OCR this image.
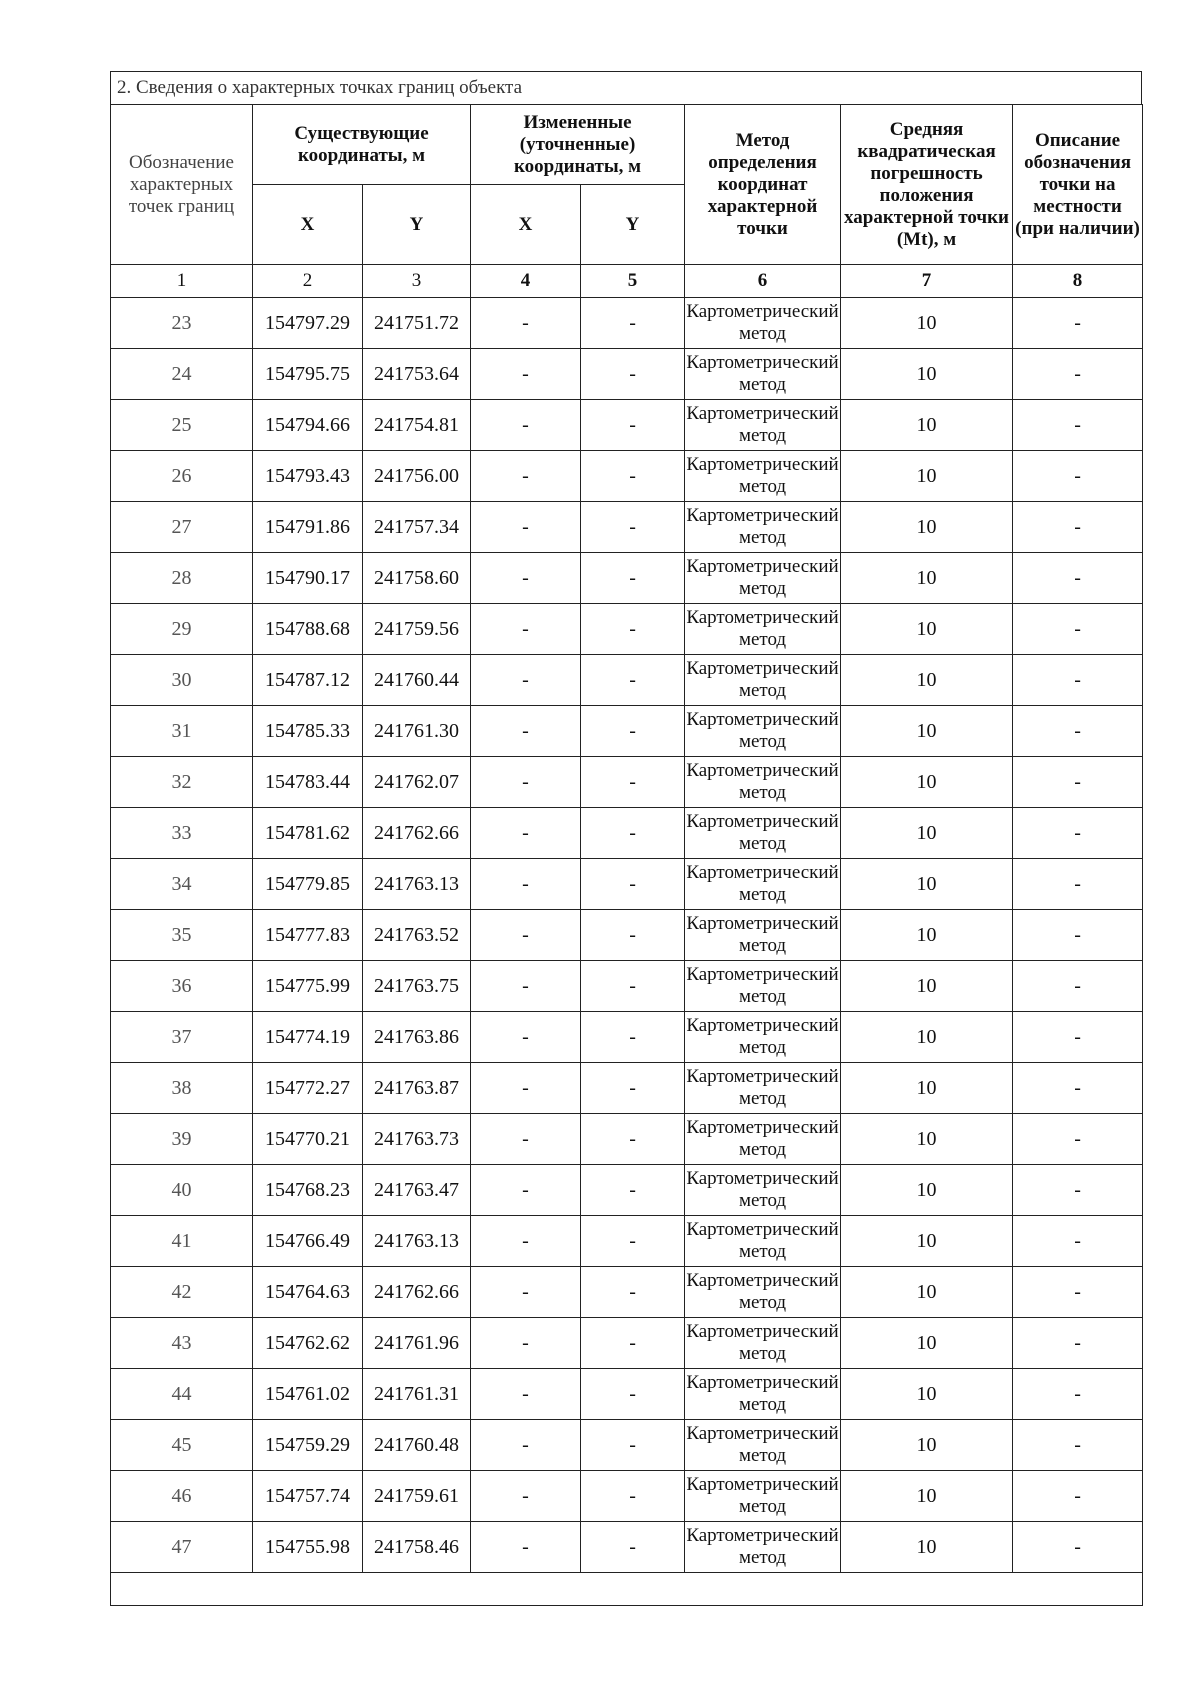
2. Сведения о характерных точках границ объекта
Обозначение характерных точек границ	Существующие координаты, м		Измененные (уточненные) координаты, м		Метод определения координат характерной точки	Средняя квадратическая погрешность положения характерной точки (Mt), м	Описание обозначения точки на местности (при наличии)
	X	Y	X	Y			
1	2	3	4	5	6	7	8
23	154797.29	241751.72	-	-	Картометрический метод	10	-
24	154795.75	241753.64	-	-	Картометрический метод	10	-
25	154794.66	241754.81	-	-	Картометрический метод	10	-
26	154793.43	241756.00	-	-	Картометрический метод	10	-
27	154791.86	241757.34	-	-	Картометрический метод	10	-
28	154790.17	241758.60	-	-	Картометрический метод	10	-
29	154788.68	241759.56	-	-	Картометрический метод	10	-
30	154787.12	241760.44	-	-	Картометрический метод	10	-
31	154785.33	241761.30	-	-	Картометрический метод	10	-
32	154783.44	241762.07	-	-	Картометрический метод	10	-
33	154781.62	241762.66	-	-	Картометрический метод	10	-
34	154779.85	241763.13	-	-	Картометрический метод	10	-
35	154777.83	241763.52	-	-	Картометрический метод	10	-
36	154775.99	241763.75	-	-	Картометрический метод	10	-
37	154774.19	241763.86	-	-	Картометрический метод	10	-
38	154772.27	241763.87	-	-	Картометрический метод	10	-
39	154770.21	241763.73	-	-	Картометрический метод	10	-
40	154768.23	241763.47	-	-	Картометрический метод	10	-
41	154766.49	241763.13	-	-	Картометрический метод	10	-
42	154764.63	241762.66	-	-	Картометрический метод	10	-
43	154762.62	241761.96	-	-	Картометрический метод	10	-
44	154761.02	241761.31	-	-	Картометрический метод	10	-
45	154759.29	241760.48	-	-	Картометрический метод	10	-
46	154757.74	241759.61	-	-	Картометрический метод	10	-
47	154755.98	241758.46	-	-	Картометрический метод	10	-
